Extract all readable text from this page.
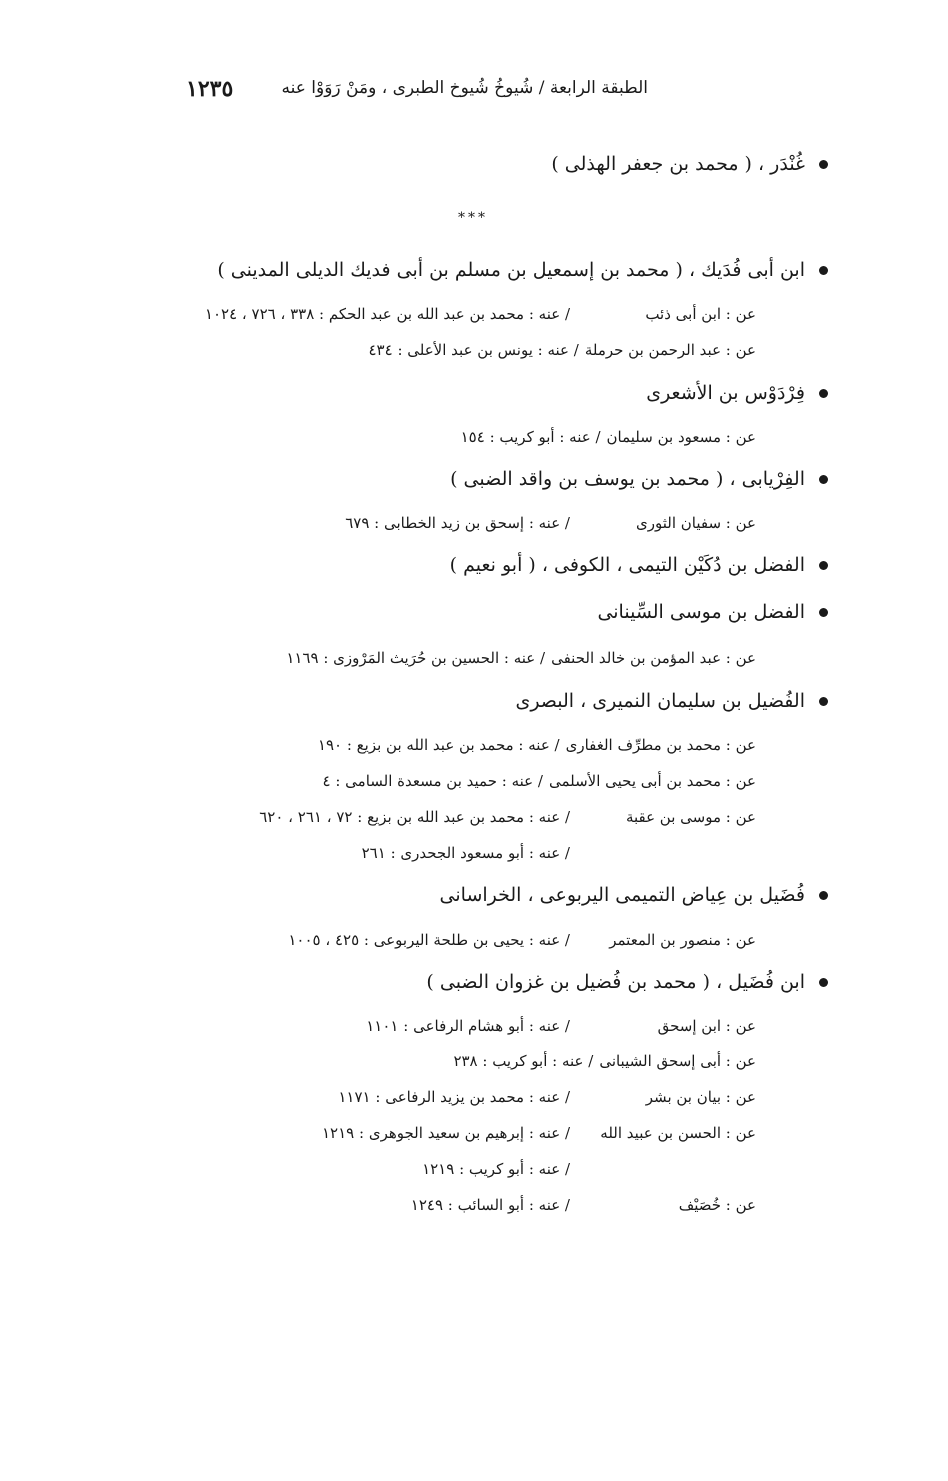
الطبقة الرابعة / شُيوخُ شُيوخ الطبرى ، ومَنْ رَوَوْا عنه
١٢٣٥
غُنْدَر ، ( محمد بن جعفر الهذلى )
***
ابن أبى فُدَيك ، ( محمد بن إسمعيل بن مسلم بن أبى فديك الديلى المدينى )
عن : ابن أبى ذئب
/ عنه : محمد بن عبد الله بن عبد الحكم : ٣٣٨ ، ٧٢٦ ، ١٠٢٤
عن : عبد الرحمن بن حرملة
/ عنه : يونس بن عبد الأعلى : ٤٣٤
فِرْدَوْس بن الأشعرى
عن : مسعود بن سليمان
/ عنه : أبو كريب : ١٥٤
الفِرْيابى ، ( محمد بن يوسف بن واقد الضبى )
عن : سفيان الثورى
/ عنه : إسحق بن زيد الخطابى : ٦٧٩
الفضل بن دُكَيْن التيمى ، الكوفى ، ( أبو نعيم )
الفضل بن موسى السِّينانى
عن : عبد المؤمن بن خالد الحنفى
/ عنه : الحسين بن حُرَيث المَرْوزى : ١١٦٩
الفُضيل بن سليمان النميرى ، البصرى
عن : محمد بن مطرِّف الغفارى
/ عنه : محمد بن عبد الله بن بزيع : ١٩٠
عن : محمد بن أبى يحيى الأسلمى
/ عنه : حميد بن مسعدة السامى : ٤
عن : موسى بن عقبة
/ عنه : محمد بن عبد الله بن بزيع : ٧٢ ، ٢٦١ ، ٦٢٠
/ عنه : أبو مسعود الجحدرى : ٢٦١
فُضَيل بن عِياض التميمى اليربوعى ، الخراسانى
عن : منصور بن المعتمر
/ عنه : يحيى بن طلحة اليربوعى : ٤٢٥ ، ١٠٠٥
ابن فُضَيل ، ( محمد بن فُضيل بن غزوان الضبى )
عن : ابن إسحق
/ عنه : أبو هشام الرفاعى : ١١٠١
عن : أبى إسحق الشيبانى
/ عنه : أبو كريب : ٢٣٨
عن : بيان بن بشر
/ عنه : محمد بن يزيد الرفاعى : ١١٧١
عن : الحسن بن عبيد الله
/ عنه : إبرهيم بن سعيد الجوهرى : ١٢١٩
/ عنه : أبو كريب : ١٢١٩
عن : خُصَيْف
/ عنه : أبو السائب : ١٢٤٩
